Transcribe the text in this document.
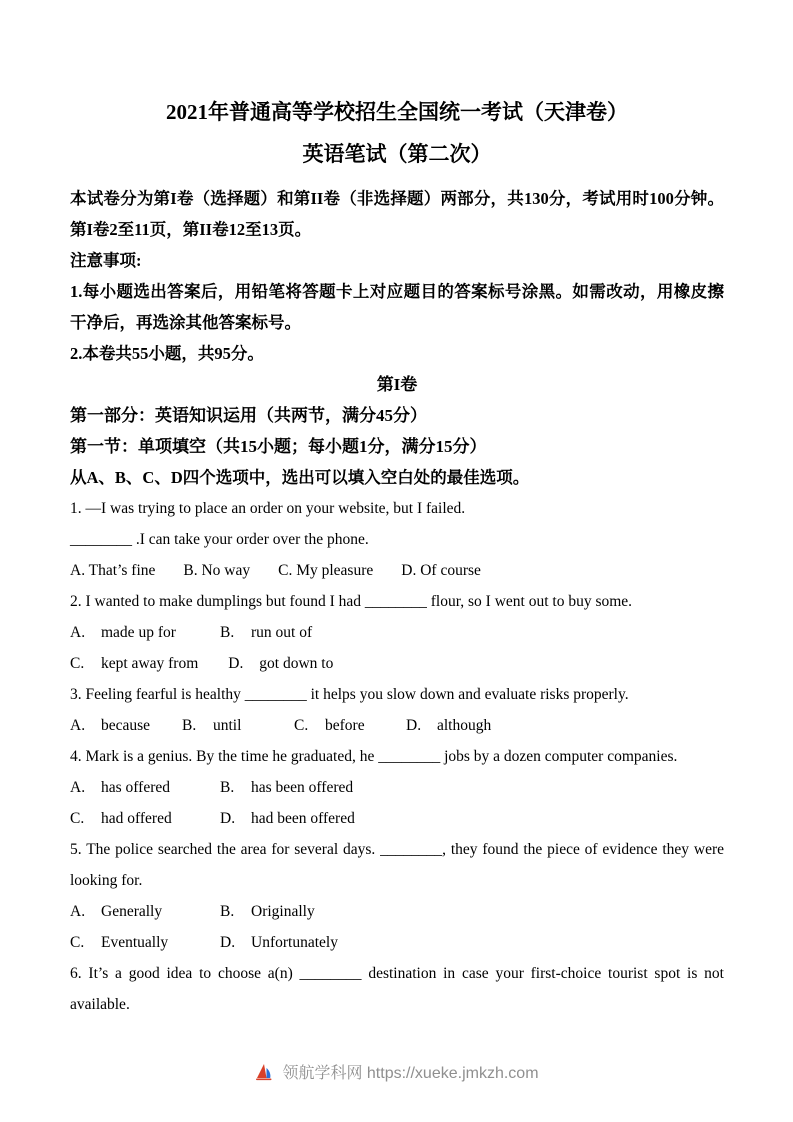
2021年普通高等学校招生全国统一考试（天津卷）
英语笔试（第二次）

本试卷分为第I卷（选择题）和第II卷（非选择题）两部分，共130分，考试用时100分钟。第I卷2至11页，第II卷12至13页。

注意事项:

1.每小题选出答案后，用铅笔将答题卡上对应题目的答案标号涂黑。如需改动，用橡皮擦干净后，再选涂其他答案标号。

2.本卷共55小题，共95分。

第I卷

第一部分：英语知识运用（共两节，满分45分）

第一节：单项填空（共15小题；每小题1分，满分15分）

从A、B、C、D四个选项中，选出可以填入空白处的最佳选项。

1. —I was trying to place an order on your website, but I failed.

________ .I can take your order over the phone.

A. That’s fine B. No way C. My pleasure D. Of course

2. I wanted to make dumplings but found I had ________ flour, so I went out to buy some.

A. made up for	B. run out of
C. kept away from D. got down to

3. Feeling fearful is healthy ________ it helps you slow down and evaluate risks properly.

A. because	B. until	C. before	D. although

4. Mark is a genius. By the time he graduated, he ________ jobs by a dozen computer companies.

A. has offered	B. has been offered
C. had offered	D. had been offered

5. The police searched the area for several days. ________, they found the piece of evidence they were looking for.

A. Generally	B. Originally
C. Eventually	D. Unfortunately

6. It’s a good idea to choose a(n) ________ destination in case your first-choice tourist spot is not available.

领航学科网 https://xueke.jmkzh.com
